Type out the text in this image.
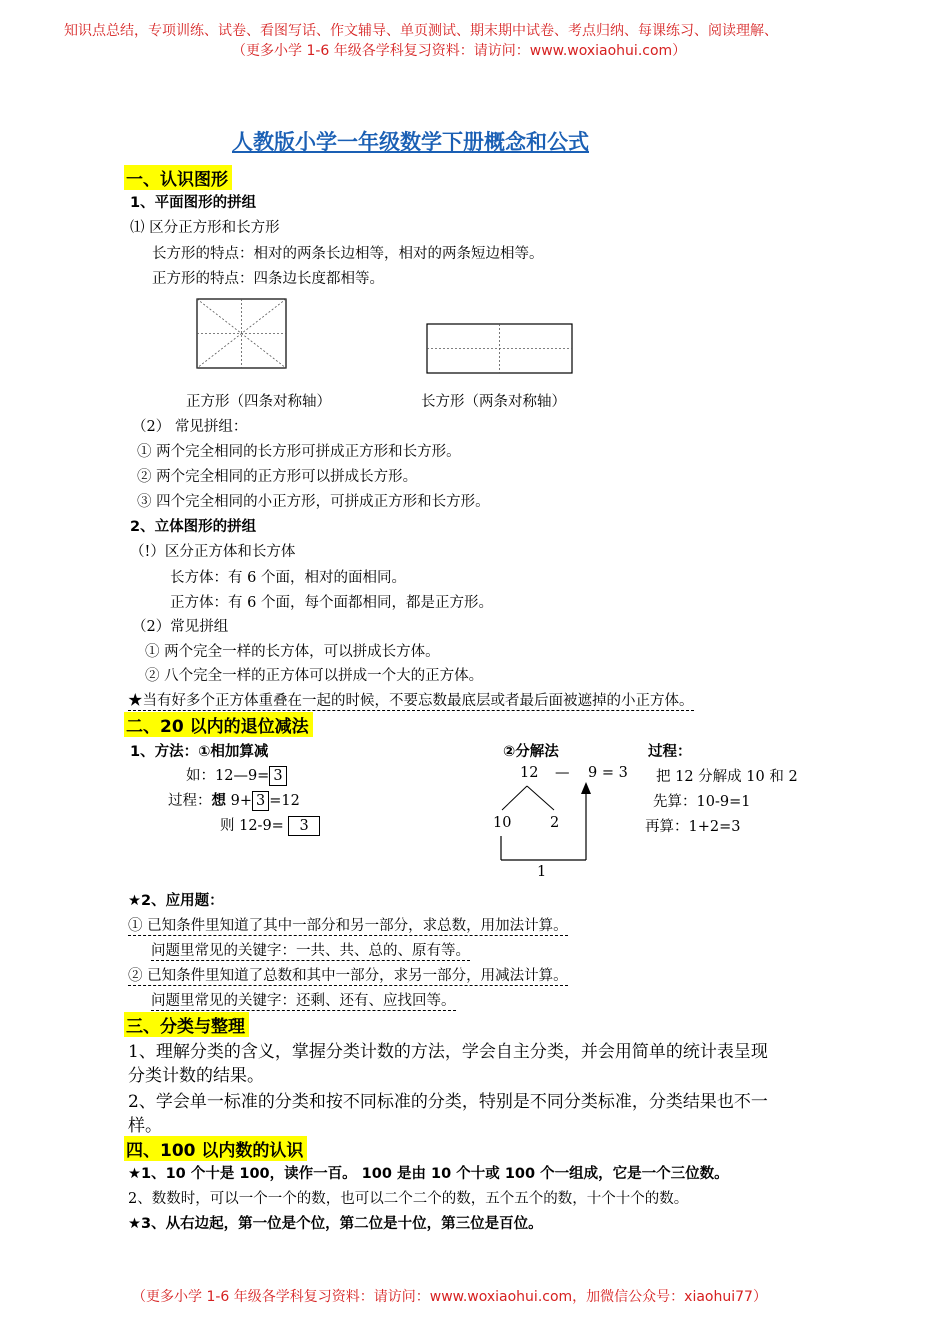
知识点总结，专项训练、试卷、看图写话、作文辅导、单页测试、期末期中试卷、考点归纳、每课练习、阅读理解、
（更多小学 1-6 年级各学科复习资料：请访问：www.woxiaohui.com）
人教版小学一年级数学下册概念和公式
一、认识图形
1、平面图形的拼组
⑴ 区分正方形和长方形
长方形的特点：相对的两条长边相等，相对的两条短边相等。
正方形的特点：四条边长度都相等。
正方形（四条对称轴）	长方形（两条对称轴）
（2） 常见拼组：
① 两个完全相同的长方形可拼成正方形和长方形。
② 两个完全相同的正方形可以拼成长方形。
③ 四个完全相同的小正方形，可拼成正方形和长方形。
2、立体图形的拼组
（!）区分正方体和长方体
长方体：有 6 个面，相对的面相同。
正方体：有 6 个面，每个面都相同，都是正方形。
（2）常见拼组
① 两个完全一样的长方体，可以拼成长方体。
② 八个完全一样的正方体可以拼成一个大的正方体。
★当有好多个正方体重叠在一起的时候，不要忘数最底层或者最后面被遮掉的小正方体。
二、20 以内的退位减法
1、方法：①相加算减
如：12—9= 3
过程：想 9+ 3 =12
则 12-9= 3
②分解法	过程：
12 — 9 = 3
10	2
1
把 12 分解成 10 和 2
先算：10-9=1
再算：1+2=3
★2、应用题：
① 已知条件里知道了其中一部分和另一部分，求总数，用加法计算。
问题里常见的关键字：一共、共、总的、原有等。
② 已知条件里知道了总数和其中一部分，求另一部分，用减法计算。
问题里常见的关键字：还剩、还有、应找回等。
三、分类与整理
1、理解分类的含义，掌握分类计数的方法，学会自主分类，并会用简单的统计表呈现
分类计数的结果。
2、学会单一标准的分类和按不同标准的分类，特别是不同分类标准，分类结果也不一
样。
四、100 以内数的认识
★1、10 个十是 100，读作一百。 100 是由 10 个十或 100 个一组成，它是一个三位数。
2、数数时，可以一个一个的数，也可以二个二个的数，五个五个的数，十个十个的数。
★3、从右边起，第一位是个位，第二位是十位，第三位是百位。
（更多小学 1-6 年级各学科复习资料：请访问：www.woxiaohui.com，加微信公众号：xiaohui77）
